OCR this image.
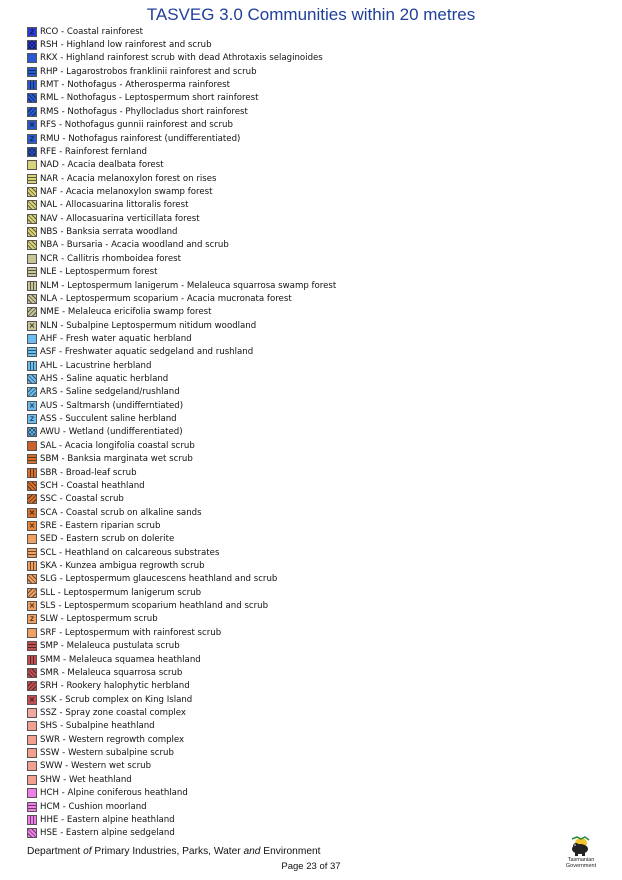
TASVEG 3.0 Communities within 20 metres
z RCO - Coastal rainforest
RSH - Highland low rainforest and scrub
RKX - Highland rainforest scrub with dead Athrotaxis selaginoides
RHP - Lagarostrobos franklinii rainforest and scrub
RMT - Nothofagus - Atherosperma rainforest
RML - Nothofagus - Leptospermum short rainforest
RMS - Nothofagus - Phyllocladus short rainforest
× RFS - Nothofagus gunnii rainforest and scrub
z RMU - Nothofagus rainforest (undifferentiated)
RFE - Rainforest fernland
NAD - Acacia dealbata forest
NAR - Acacia melanoxylon forest on rises
NAF - Acacia melanoxylon swamp forest
NAL - Allocasuarina littoralis forest
NAV - Allocasuarina verticillata forest
NBS - Banksia serrata woodland
NBA - Bursaria - Acacia woodland and scrub
NCR - Callitris rhomboidea forest
NLE - Leptospermum forest
NLM - Leptospermum lanigerum - Melaleuca squarrosa swamp forest
NLA - Leptospermum scoparium - Acacia mucronata forest
NME - Melaleuca ericifolia swamp forest
× NLN - Subalpine Leptospermum nitidum woodland
AHF - Fresh water aquatic herbland
ASF - Freshwater aquatic sedgeland and rushland
AHL - Lacustrine herbland
AHS - Saline aquatic herbland
ARS - Saline sedgeland/rushland
× AUS - Saltmarsh (undifferntiated)
z ASS - Succulent saline herbland
AWU - Wetland (undifferentiated)
SAL - Acacia longifolia coastal scrub
SBM - Banksia marginata wet scrub
SBR - Broad-leaf scrub
SCH - Coastal heathland
SSC - Coastal scrub
× SCA - Coastal scrub on alkaline sands
× SRE - Eastern riparian scrub
SED - Eastern scrub on dolerite
SCL - Heathland on calcareous substrates
SKA - Kunzea ambigua regrowth scrub
SLG - Leptospermum glaucescens heathland and scrub
SLL - Leptospermum lanigerum scrub
× SLS - Leptospermum scoparium heathland and scrub
z SLW - Leptospermum scrub
SRF - Leptospermum with rainforest scrub
SMP - Melaleuca pustulata scrub
SMM - Melaleuca squamea heathland
SMR - Melaleuca squarrosa scrub
SRH - Rookery halophytic herbland
× SSK - Scrub complex on King Island
SSZ - Spray zone coastal complex
SHS - Subalpine heathland
SWR - Western regrowth complex
SSW - Western subalpine scrub
SWW - Western wet scrub
SHW - Wet heathland
HCH - Alpine coniferous heathland
HCM - Cushion moorland
HHE - Eastern alpine heathland
HSE - Eastern alpine sedgeland
Department of Primary Industries, Parks, Water and Environment
Page 23 of 37
Tasmanian
Government
